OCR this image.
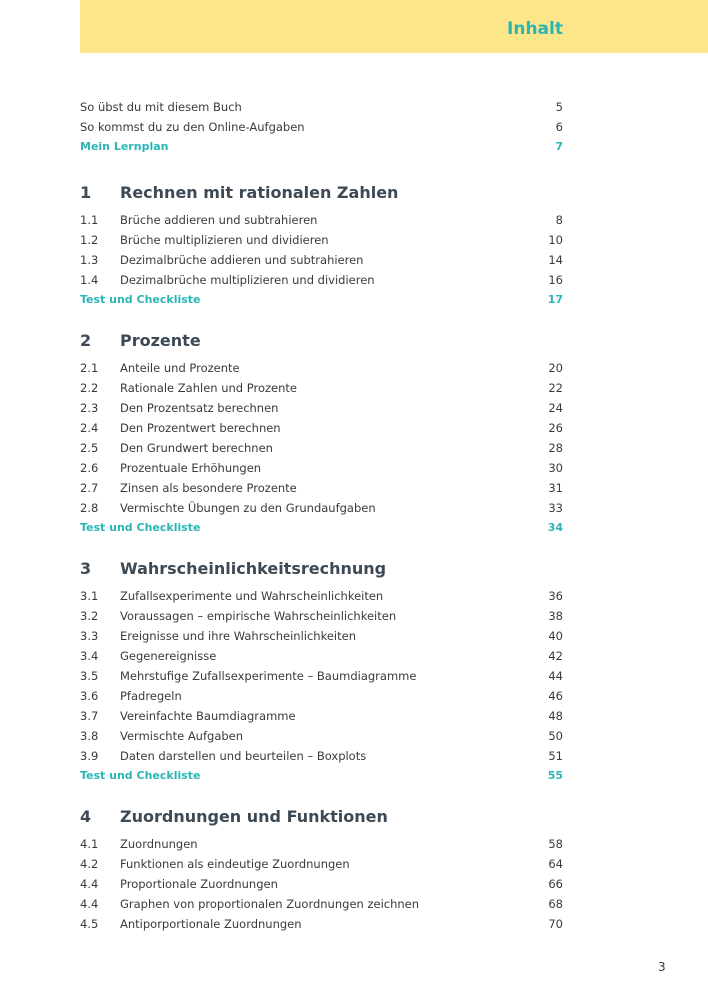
Inhalt
So übst du mit diesem Buch	5
So kommst du zu den Online-Aufgaben	6
Mein Lernplan	7
1 Rechnen mit rationalen Zahlen
1.1 Brüche addieren und subtrahieren	8
1.2 Brüche multiplizieren und dividieren	10
1.3 Dezimalbrüche addieren und subtrahieren	14
1.4 Dezimalbrüche multiplizieren und dividieren	16
Test und Checkliste	17
2 Prozente
2.1 Anteile und Prozente	20
2.2 Rationale Zahlen und Prozente	22
2.3 Den Prozentsatz berechnen	24
2.4 Den Prozentwert berechnen	26
2.5 Den Grundwert berechnen	28
2.6 Prozentuale Erhöhungen	30
2.7 Zinsen als besondere Prozente	31
2.8 Vermischte Übungen zu den Grundaufgaben	33
Test und Checkliste	34
3 Wahrscheinlichkeitsrechnung
3.1 Zufallsexperimente und Wahrscheinlichkeiten	36
3.2 Voraussagen – empirische Wahrscheinlichkeiten	38
3.3 Ereignisse und ihre Wahrscheinlichkeiten	40
3.4 Gegenereignisse	42
3.5 Mehrstufige Zufallsexperimente – Baumdiagramme	44
3.6 Pfadregeln	46
3.7 Vereinfachte Baumdiagramme	48
3.8 Vermischte Aufgaben	50
3.9 Daten darstellen und beurteilen – Boxplots	51
Test und Checkliste	55
4 Zuordnungen und Funktionen
4.1 Zuordnungen	58
4.2 Funktionen als eindeutige Zuordnungen	64
4.4 Proportionale Zuordnungen	66
4.4 Graphen von proportionalen Zuordnungen zeichnen	68
4.5 Antiporportionale Zuordnungen	70
3
